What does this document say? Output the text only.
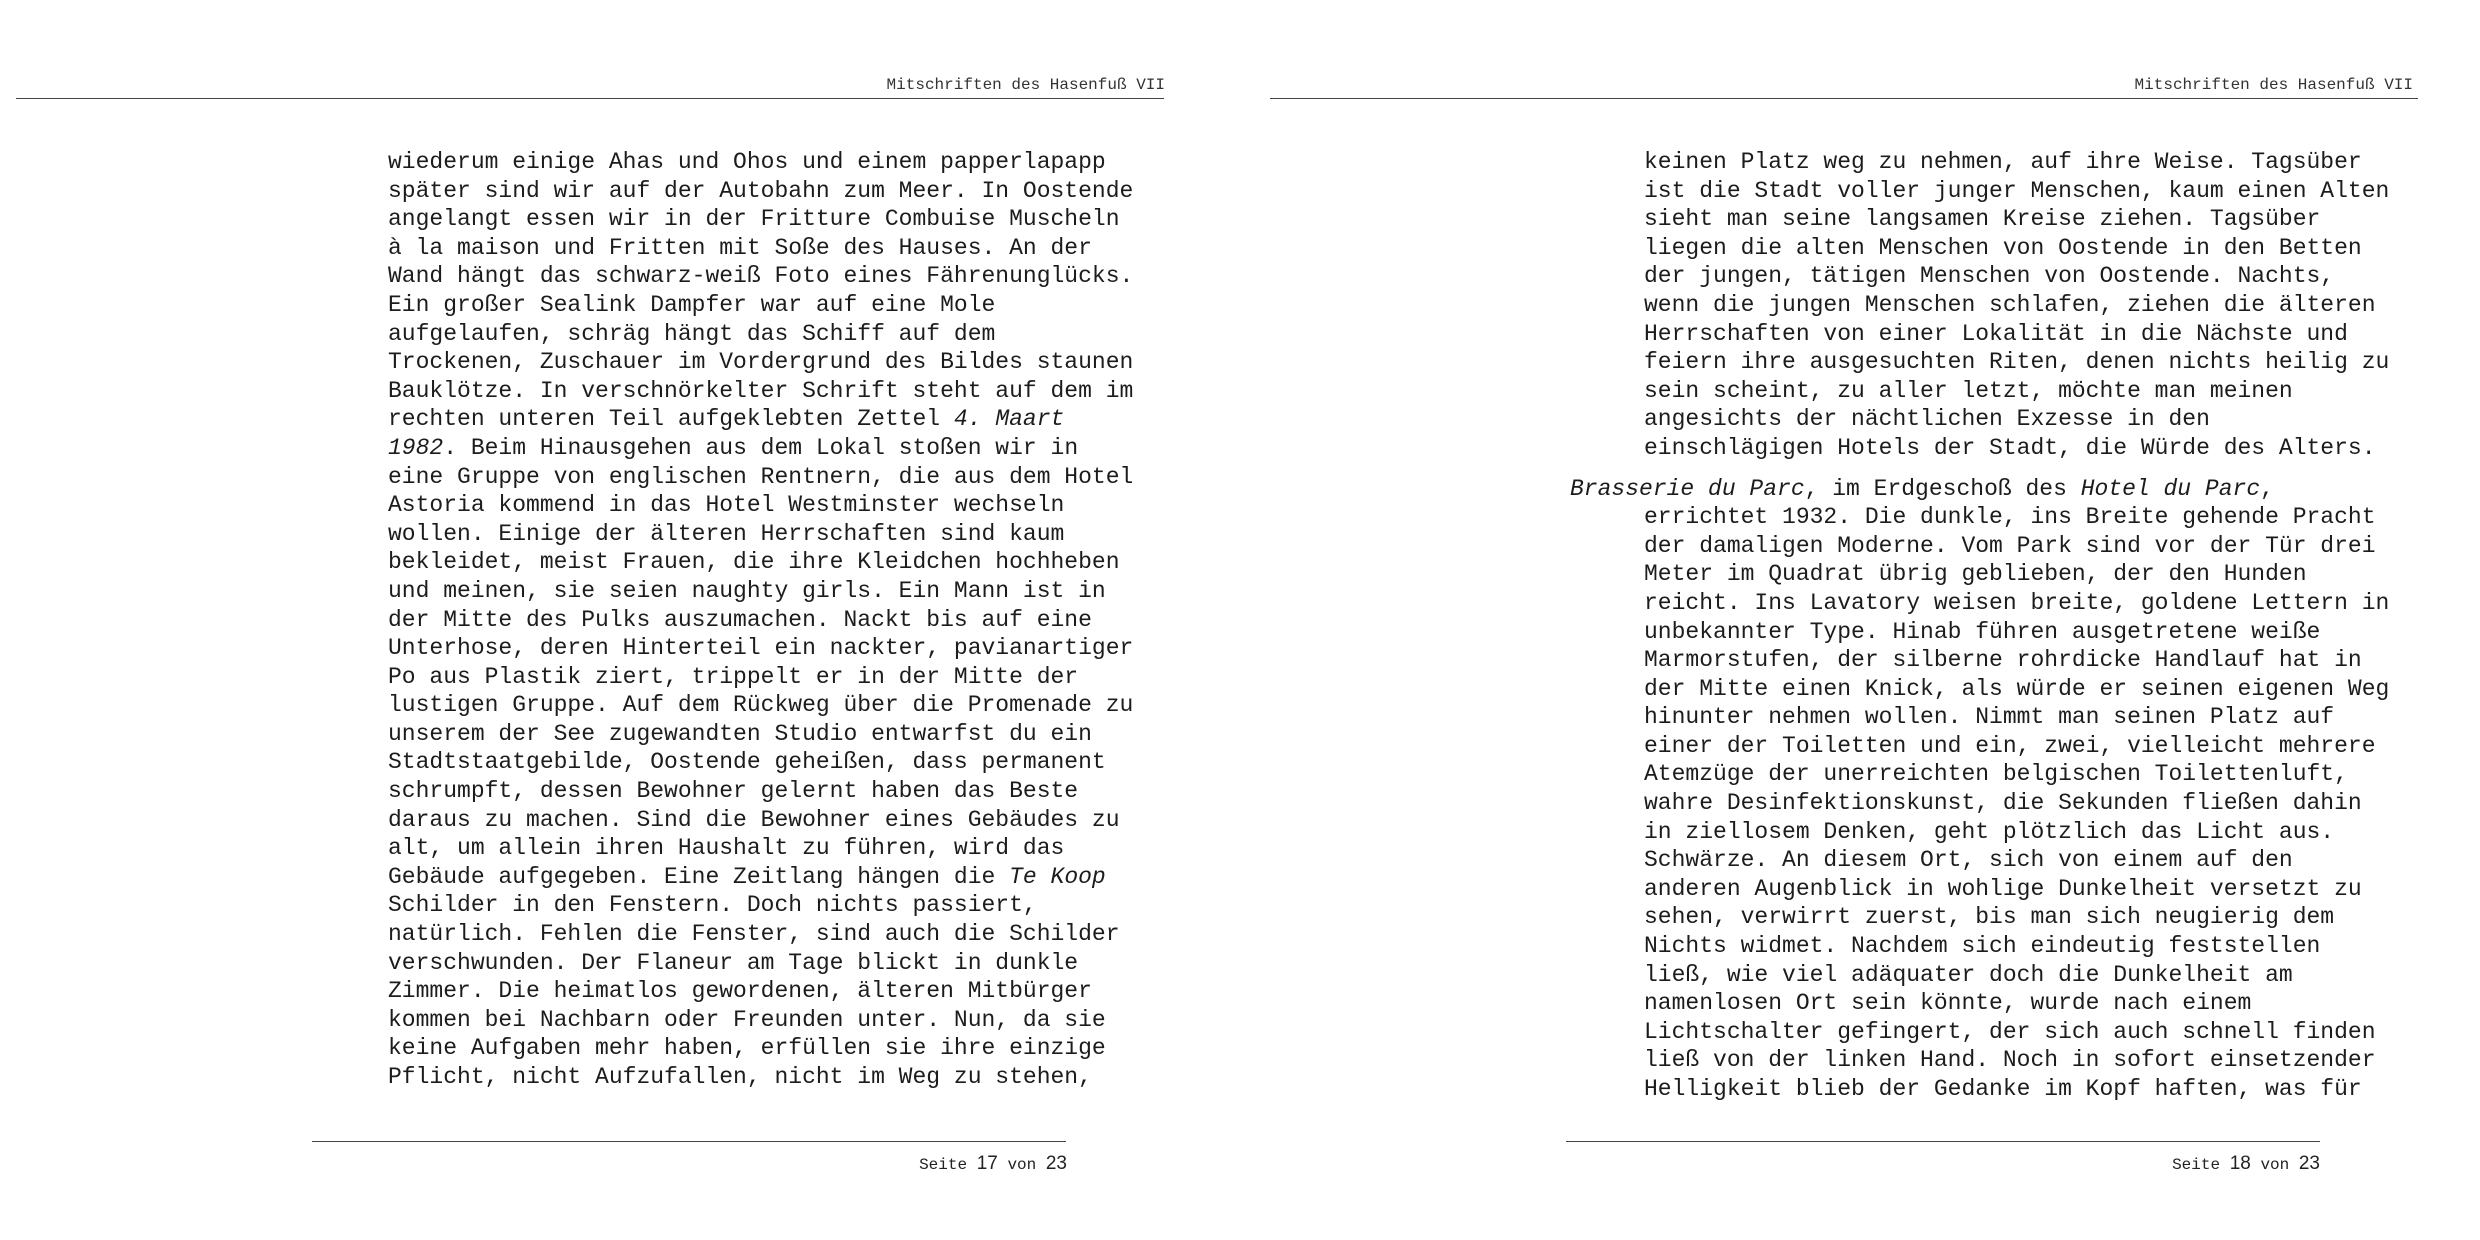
Mitschriften des Hasenfuß VII
wiederum einige Ahas und Ohos und einem papperlapapp
später sind wir auf der Autobahn zum Meer. In Oostende
angelangt essen wir in der Fritture Combuise Muscheln
à la maison und Fritten mit Soße des Hauses. An der
Wand hängt das schwarz-weiß Foto eines Fährenunglücks.
Ein großer Sealink Dampfer war auf eine Mole
aufgelaufen, schräg hängt das Schiff auf dem
Trockenen, Zuschauer im Vordergrund des Bildes staunen
Bauklötze. In verschnörkelter Schrift steht auf dem im
rechten unteren Teil aufgeklebten Zettel 4. Maart
1982. Beim Hinausgehen aus dem Lokal stoßen wir in
eine Gruppe von englischen Rentnern, die aus dem Hotel
Astoria kommend in das Hotel Westminster wechseln
wollen. Einige der älteren Herrschaften sind kaum
bekleidet, meist Frauen, die ihre Kleidchen hochheben
und meinen, sie seien naughty girls. Ein Mann ist in
der Mitte des Pulks auszumachen. Nackt bis auf eine
Unterhose, deren Hinterteil ein nackter, pavianartiger
Po aus Plastik ziert, trippelt er in der Mitte der
lustigen Gruppe. Auf dem Rückweg über die Promenade zu
unserem der See zugewandten Studio entwarfst du ein
Stadtstaatgebilde, Oostende geheißen, dass permanent
schrumpft, dessen Bewohner gelernt haben das Beste
daraus zu machen. Sind die Bewohner eines Gebäudes zu
alt, um allein ihren Haushalt zu führen, wird das
Gebäude aufgegeben. Eine Zeitlang hängen die Te Koop
Schilder in den Fenstern. Doch nichts passiert,
natürlich. Fehlen die Fenster, sind auch die Schilder
verschwunden. Der Flaneur am Tage blickt in dunkle
Zimmer. Die heimatlos gewordenen, älteren Mitbürger
kommen bei Nachbarn oder Freunden unter. Nun, da sie
keine Aufgaben mehr haben, erfüllen sie ihre einzige
Pflicht, nicht Aufzufallen, nicht im Weg zu stehen,
Seite 17 von 23
Mitschriften des Hasenfuß VII
keinen Platz weg zu nehmen, auf ihre Weise. Tagsüber
ist die Stadt voller junger Menschen, kaum einen Alten
sieht man seine langsamen Kreise ziehen. Tagsüber
liegen die alten Menschen von Oostende in den Betten
der jungen, tätigen Menschen von Oostende. Nachts,
wenn die jungen Menschen schlafen, ziehen die älteren
Herrschaften von einer Lokalität in die Nächste und
feiern ihre ausgesuchten Riten, denen nichts heilig zu
sein scheint, zu aller letzt, möchte man meinen
angesichts der nächtlichen Exzesse in den
einschlägigen Hotels der Stadt, die Würde des Alters.
Brasserie du Parc, im Erdgeschoß des Hotel du Parc,
errichtet 1932. Die dunkle, ins Breite gehende Pracht
der damaligen Moderne. Vom Park sind vor der Tür drei
Meter im Quadrat übrig geblieben, der den Hunden
reicht. Ins Lavatory weisen breite, goldene Lettern in
unbekannter Type. Hinab führen ausgetretene weiße
Marmorstufen, der silberne rohrdicke Handlauf hat in
der Mitte einen Knick, als würde er seinen eigenen Weg
hinunter nehmen wollen. Nimmt man seinen Platz auf
einer der Toiletten und ein, zwei, vielleicht mehrere
Atemzüge der unerreichten belgischen Toilettenluft,
wahre Desinfektionskunst, die Sekunden fließen dahin
in ziellosem Denken, geht plötzlich das Licht aus.
Schwärze. An diesem Ort, sich von einem auf den
anderen Augenblick in wohlige Dunkelheit versetzt zu
sehen, verwirrt zuerst, bis man sich neugierig dem
Nichts widmet. Nachdem sich eindeutig feststellen
ließ, wie viel adäquater doch die Dunkelheit am
namenlosen Ort sein könnte, wurde nach einem
Lichtschalter gefingert, der sich auch schnell finden
ließ von der linken Hand. Noch in sofort einsetzender
Helligkeit blieb der Gedanke im Kopf haften, was für
Seite 18 von 23
